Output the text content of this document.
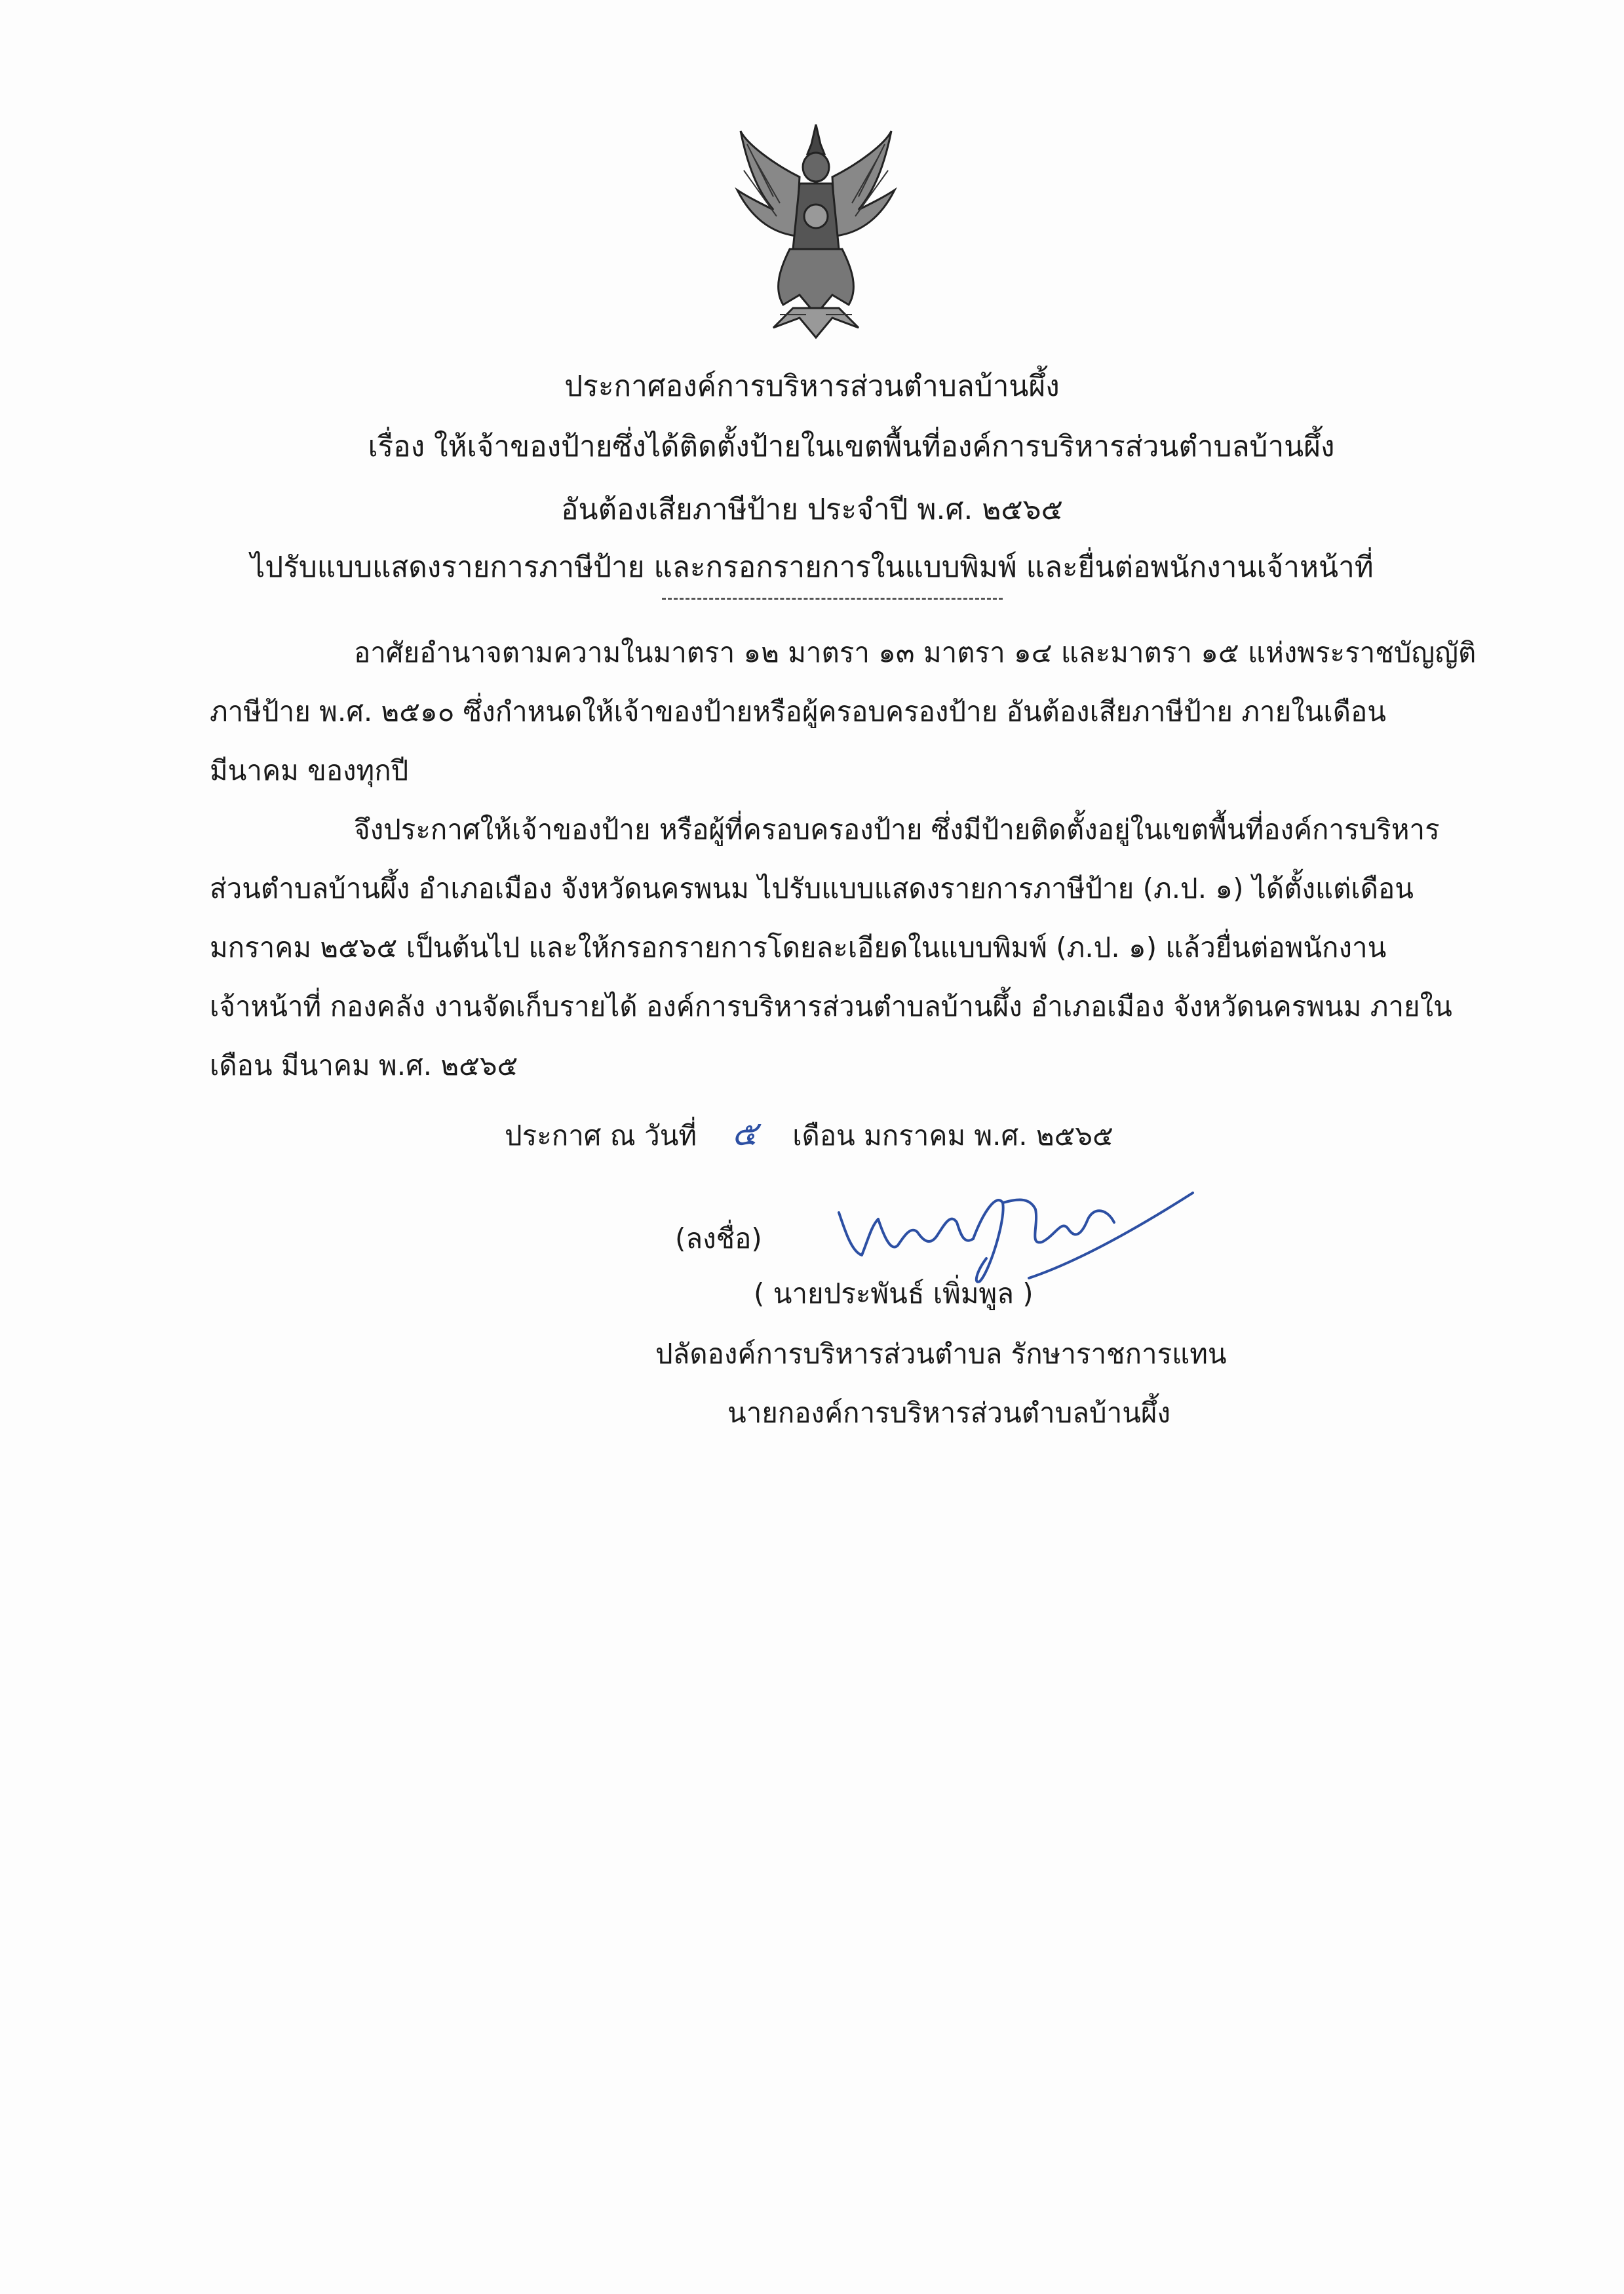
ประกาศองค์การบริหารส่วนตำบลบ้านผึ้ง
เรื่อง ให้เจ้าของป้ายซึ่งได้ติดตั้งป้ายในเขตพื้นที่องค์การบริหารส่วนตำบลบ้านผึ้ง
อันต้องเสียภาษีป้าย ประจำปี พ.ศ. ๒๕๖๕
ไปรับแบบแสดงรายการภาษีป้าย และกรอกรายการในแบบพิมพ์ และยื่นต่อพนักงานเจ้าหน้าที่
อาศัยอำนาจตามความในมาตรา ๑๒ มาตรา ๑๓ มาตรา ๑๔ และมาตรา ๑๕ แห่งพระราชบัญญัติ
ภาษีป้าย พ.ศ. ๒๕๑๐ ซึ่งกำหนดให้เจ้าของป้ายหรือผู้ครอบครองป้าย อันต้องเสียภาษีป้าย ภายในเดือน
มีนาคม ของทุกปี
จึงประกาศให้เจ้าของป้าย หรือผู้ที่ครอบครองป้าย ซึ่งมีป้ายติดตั้งอยู่ในเขตพื้นที่องค์การบริหาร
ส่วนตำบลบ้านผึ้ง อำเภอเมือง จังหวัดนครพนม ไปรับแบบแสดงรายการภาษีป้าย (ภ.ป. ๑) ได้ตั้งแต่เดือน
มกราคม ๒๕๖๕ เป็นต้นไป และให้กรอกรายการโดยละเอียดในแบบพิมพ์ (ภ.ป. ๑) แล้วยื่นต่อพนักงาน
เจ้าหน้าที่ กองคลัง งานจัดเก็บรายได้ องค์การบริหารส่วนตำบลบ้านผึ้ง อำเภอเมือง จังหวัดนครพนม ภายใน
เดือน มีนาคม พ.ศ. ๒๕๖๕
ประกาศ ณ วันที่ ๕ เดือน มกราคม พ.ศ. ๒๕๖๕
(ลงชื่อ)
( นายประพันธ์ เพิ่มพูล )
ปลัดองค์การบริหารส่วนตำบล รักษาราชการแทน
นายกองค์การบริหารส่วนตำบลบ้านผึ้ง
